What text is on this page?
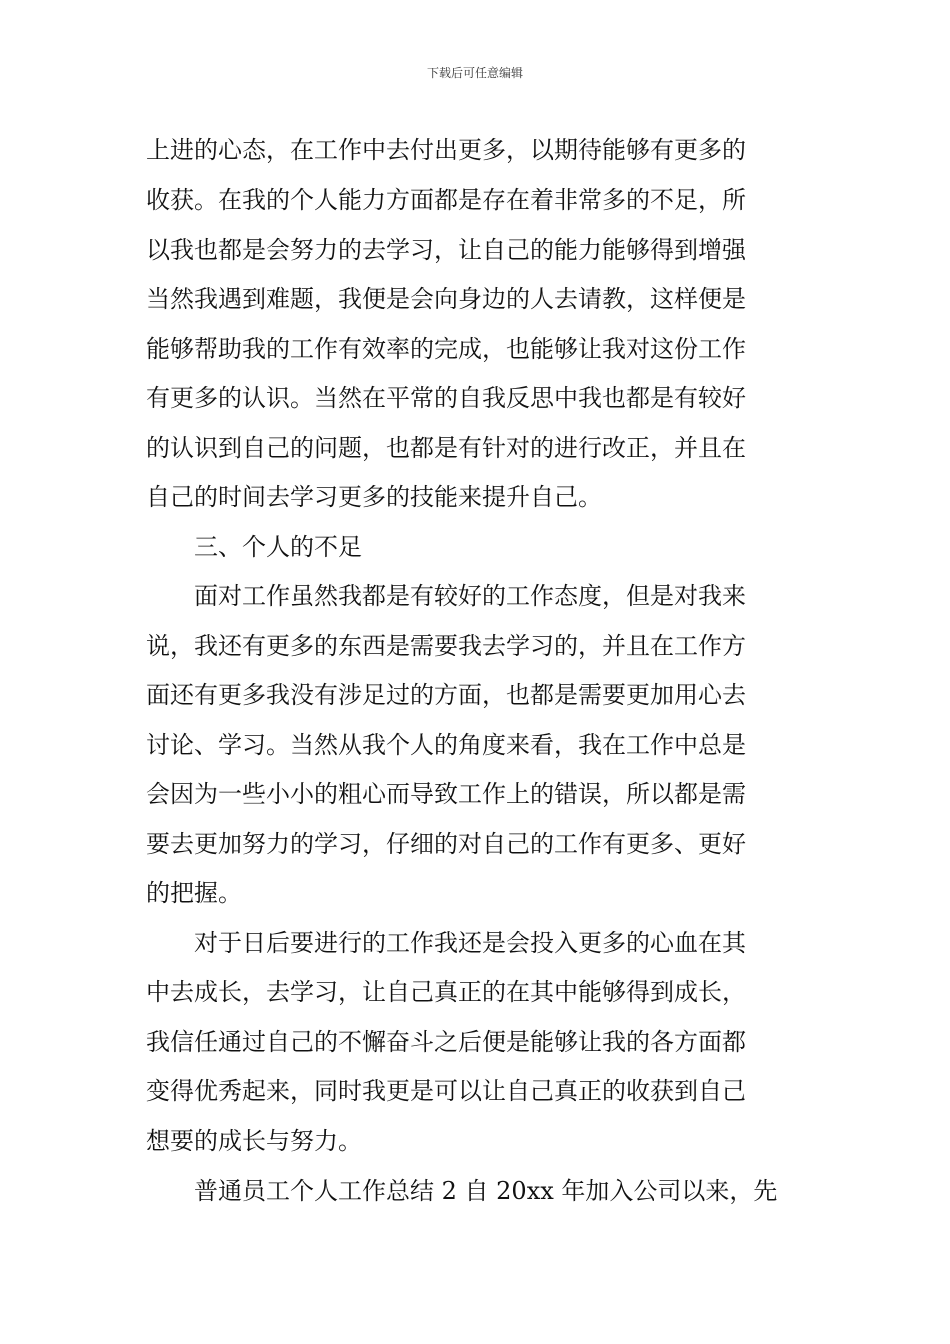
下载后可任意编辑
上进的心态，在工作中去付出更多，以期待能够有更多的
收获。在我的个人能力方面都是存在着非常多的不足，所
以我也都是会努力的去学习，让自己的能力能够得到增强
当然我遇到难题，我便是会向身边的人去请教，这样便是
能够帮助我的工作有效率的完成，也能够让我对这份工作
有更多的认识。当然在平常的自我反思中我也都是有较好
的认识到自己的问题，也都是有针对的进行改正，并且在
自己的时间去学习更多的技能来提升自己。
三、个人的不足
面对工作虽然我都是有较好的工作态度，但是对我来
说，我还有更多的东西是需要我去学习的，并且在工作方
面还有更多我没有涉足过的方面，也都是需要更加用心去
讨论、学习。当然从我个人的角度来看，我在工作中总是
会因为一些小小的粗心而导致工作上的错误，所以都是需
要去更加努力的学习，仔细的对自己的工作有更多、更好
的把握。
对于日后要进行的工作我还是会投入更多的心血在其
中去成长，去学习，让自己真正的在其中能够得到成长，
我信任通过自己的不懈奋斗之后便是能够让我的各方面都
变得优秀起来，同时我更是可以让自己真正的收获到自己
想要的成长与努力。
普通员工个人工作总结 2 自 20xx 年加入公司以来，先
